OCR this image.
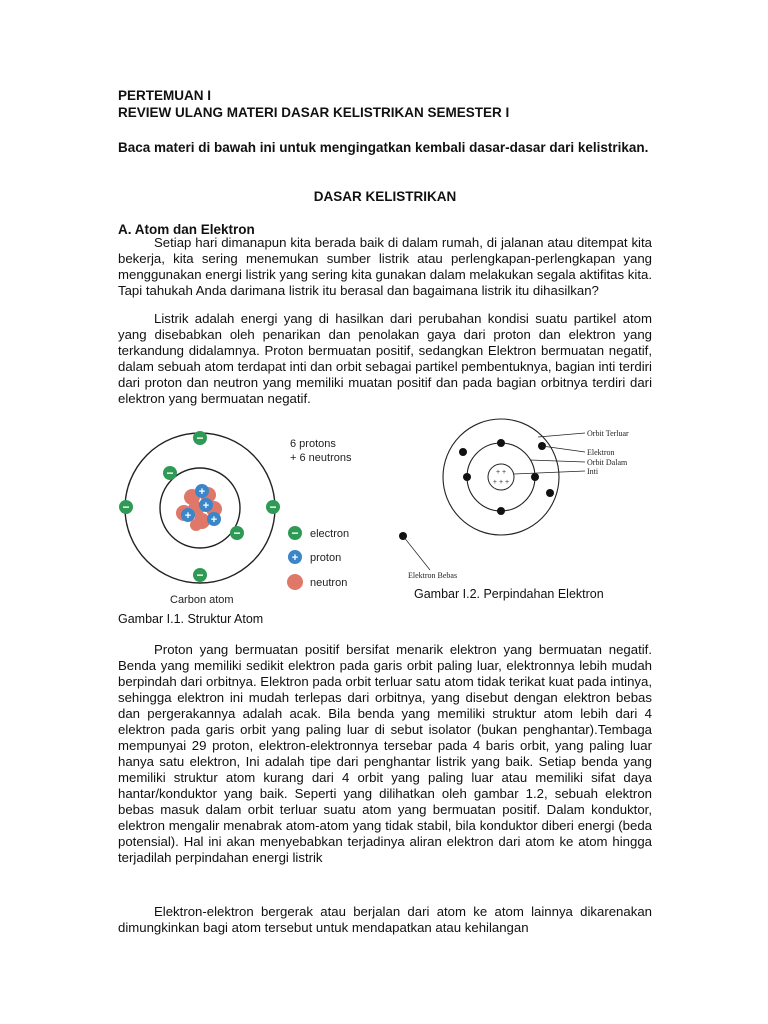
PERTEMUAN I
REVIEW ULANG MATERI DASAR KELISTRIKAN SEMESTER I
Baca materi di bawah ini untuk mengingatkan kembali dasar-dasar dari kelistrikan.
DASAR KELISTRIKAN
A. Atom dan Elektron

Setiap hari dimanapun kita berada baik di dalam rumah, di jalanan atau ditempat kita bekerja, kita sering menemukan sumber listrik atau perlengkapan-perlengkapan yang menggunakan energi listrik yang sering kita gunakan dalam melakukan segala aktifitas kita. Tapi tahukah Anda darimana listrik itu berasal dan bagaimana listrik itu dihasilkan?

Listrik adalah energi yang di hasilkan dari perubahan kondisi suatu partikel atom yang disebabkan oleh penarikan dan penolakan gaya dari proton dan elektron yang terkandung didalamnya. Proton bermuatan positif, sedangkan Elektron bermuatan negatif, dalam sebuah atom terdapat inti dan orbit sebagai partikel pembentuknya, bagian inti terdiri dari proton dan neutron yang memiliki muatan positif dan pada bagian orbitnya terdiri dari elektron yang bermuatan negatif.

+
+
+
+
−
−
−	−
−
−
6 protons
+ 6 neutrons
− electron
+ proton
neutron
Carbon atom
Gambar I.1. Struktur Atom
+ +
+ + +
Orbit Terluar
Elektron
Orbit Dalam
Inti
Elektron Bebas
Gambar I.2. Perpindahan Elektron

Proton yang bermuatan positif bersifat menarik elektron yang bermuatan negatif. Benda yang memiliki sedikit elektron pada garis orbit paling luar, elektronnya lebih mudah berpindah dari orbitnya. Elektron pada orbit terluar satu atom tidak terikat kuat pada intinya, sehingga elektron ini mudah terlepas dari orbitnya, yang disebut dengan elektron bebas dan pergerakannya adalah acak. Bila benda yang memiliki struktur atom lebih dari 4 elektron pada garis orbit yang paling luar di sebut isolator (bukan penghantar).Tembaga mempunyai 29 proton, elektron-elektronnya tersebar pada 4 baris orbit, yang paling luar hanya satu elektron, Ini adalah tipe dari penghantar listrik yang baik. Setiap benda yang memiliki struktur atom kurang dari 4 orbit yang paling luar atau memiliki sifat daya hantar/konduktor yang baik. Seperti yang dilihatkan oleh gambar 1.2, sebuah elektron bebas masuk dalam orbit terluar suatu atom yang bermuatan positif. Dalam konduktor, elektron mengalir menabrak atom-atom yang tidak stabil, bila konduktor diberi energi (beda potensial). Hal ini akan menyebabkan terjadinya aliran elektron dari atom ke atom hingga terjadilah perpindahan energi listrik

Elektron-elektron bergerak atau berjalan dari atom ke atom lainnya dikarenakan dimungkinkan bagi atom tersebut untuk mendapatkan atau kehilangan
